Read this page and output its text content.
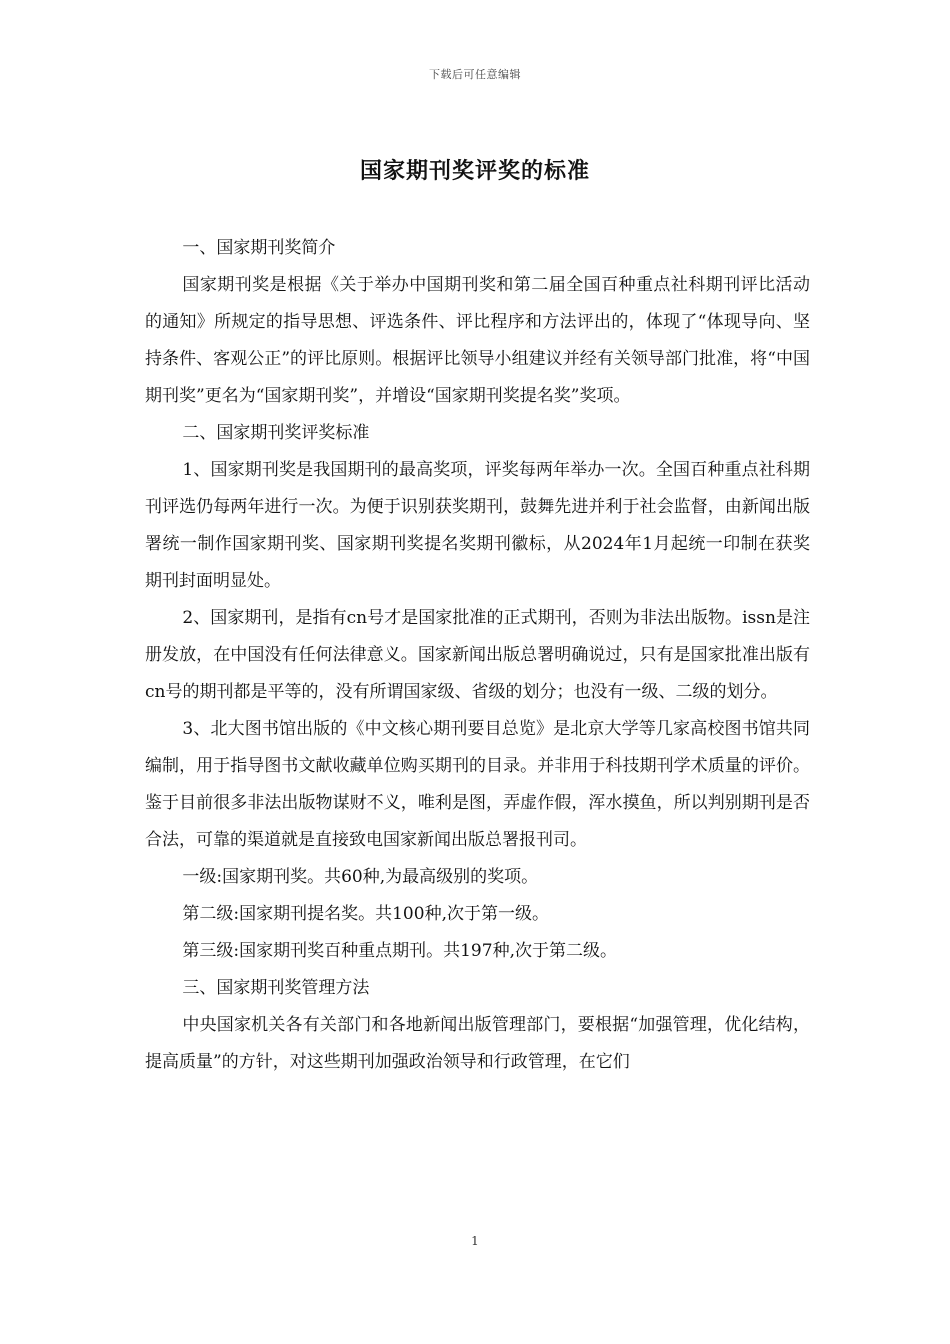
下载后可任意编辑
国家期刊奖评奖的标准

一、国家期刊奖简介

国家期刊奖是根据《关于举办中国期刊奖和第二届全国百种重点社科期刊评比活动的通知》所规定的指导思想、评选条件、评比程序和方法评出的，体现了“体现导向、坚持条件、客观公正”的评比原则。根据评比领导小组建议并经有关领导部门批准，将“中国期刊奖”更名为“国家期刊奖”，并增设“国家期刊奖提名奖”奖项。

二、国家期刊奖评奖标准

1、国家期刊奖是我国期刊的最高奖项，评奖每两年举办一次。全国百种重点社科期刊评选仍每两年进行一次。为便于识别获奖期刊，鼓舞先进并利于社会监督，由新闻出版署统一制作国家期刊奖、国家期刊奖提名奖期刊徽标，从2024年1月起统一印制在获奖期刊封面明显处。

2、国家期刊，是指有cn号才是国家批准的正式期刊，否则为非法出版物。issn是注册发放，在中国没有任何法律意义。国家新闻出版总署明确说过，只有是国家批准出版有cn号的期刊都是平等的，没有所谓国家级、省级的划分；也没有一级、二级的划分。

3、北大图书馆出版的《中文核心期刊要目总览》是北京大学等几家高校图书馆共同编制，用于指导图书文献收藏单位购买期刊的目录。并非用于科技期刊学术质量的评价。鉴于目前很多非法出版物谋财不义，唯利是图，弄虚作假，浑水摸鱼，所以判别期刊是否合法，可靠的渠道就是直接致电国家新闻出版总署报刊司。

一级:国家期刊奖。共60种,为最高级别的奖项。

第二级:国家期刊提名奖。共100种,次于第一级。

第三级:国家期刊奖百种重点期刊。共197种,次于第二级。

三、国家期刊奖管理方法

中央国家机关各有关部门和各地新闻出版管理部门，要根据“加强管理，优化结构，提高质量”的方针，对这些期刊加强政治领导和行政管理，在它们

1
